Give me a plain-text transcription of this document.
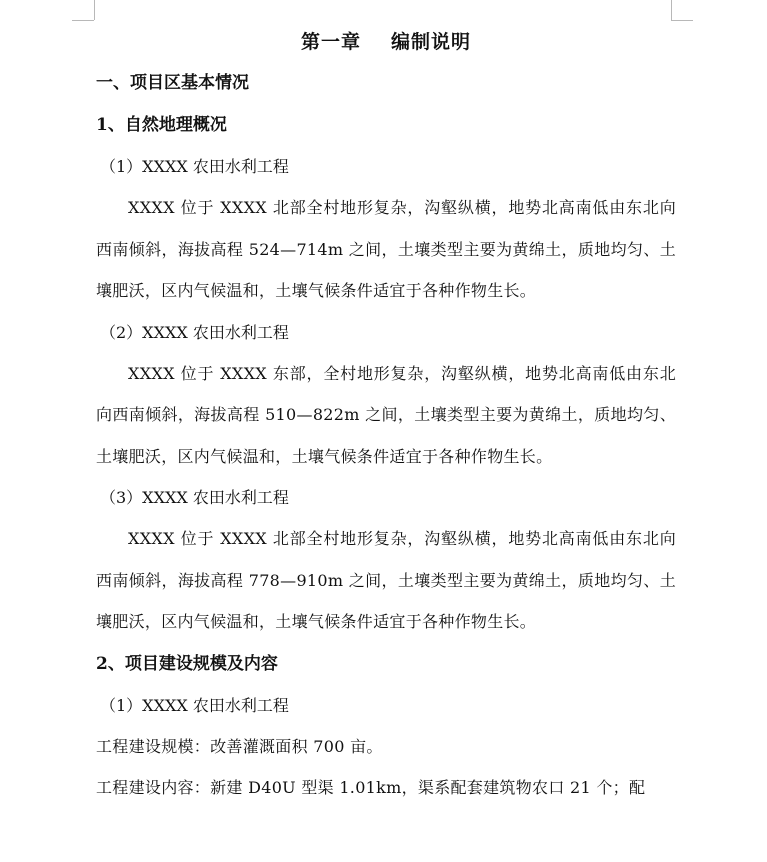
第一章 编制说明

一、项目区基本情况

1、自然地理概况

（1）XXXX 农田水利工程

XXXX 位于 XXXX 北部全村地形复杂，沟壑纵横，地势北高南低由东北向西南倾斜，海拔高程 524—714m 之间，土壤类型主要为黄绵土，质地均匀、土壤肥沃，区内气候温和，土壤气候条件适宜于各种作物生长。

（2）XXXX 农田水利工程

XXXX 位于 XXXX 东部，全村地形复杂，沟壑纵横，地势北高南低由东北向西南倾斜，海拔高程 510—822m 之间，土壤类型主要为黄绵土，质地均匀、土壤肥沃，区内气候温和，土壤气候条件适宜于各种作物生长。

（3）XXXX 农田水利工程

XXXX 位于 XXXX 北部全村地形复杂，沟壑纵横，地势北高南低由东北向西南倾斜，海拔高程 778—910m 之间，土壤类型主要为黄绵土，质地均匀、土壤肥沃，区内气候温和，土壤气候条件适宜于各种作物生长。

2、项目建设规模及内容

（1）XXXX 农田水利工程

工程建设规模：改善灌溉面积 700 亩。

工程建设内容：新建 D40U 型渠 1.01km，渠系配套建筑物农口 21 个；配
